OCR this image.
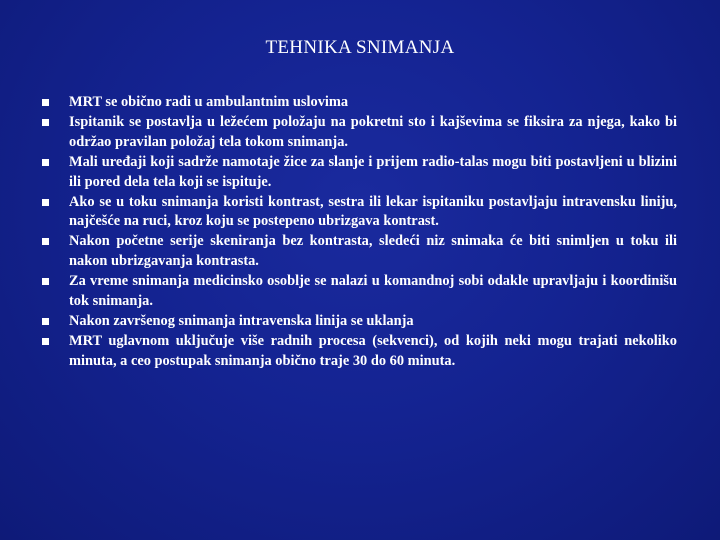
TEHNIKA SNIMANJA
MRT se obično radi u ambulantnim uslovima
Ispitanik se postavlja u ležećem položaju na pokretni sto i kajševima se fiksira za njega, kako bi održao pravilan položaj tela tokom snimanja.
Mali uređaji koji sadrže namotaje žice za slanje i prijem radio-talas mogu biti postavljeni u blizini ili pored dela tela koji se ispituje.
Ako se u toku snimanja koristi kontrast, sestra ili lekar ispitaniku postavljaju intravensku liniju, najčešće na ruci, kroz koju se postepeno ubrizgava kontrast.
Nakon početne serije skeniranja bez kontrasta, sledeći niz snimaka će biti snimljen u toku ili nakon ubrizgavanja kontrasta.
Za vreme snimanja medicinsko osoblje se nalazi u komandnoj sobi odakle upravljaju i koordinišu tok snimanja.
Nakon završenog snimanja intravenska linija se uklanja
MRT uglavnom uključuje više radnih procesa (sekvenci), od kojih neki mogu trajati nekoliko minuta, a ceo postupak snimanja obično traje 30 do 60 minuta.
